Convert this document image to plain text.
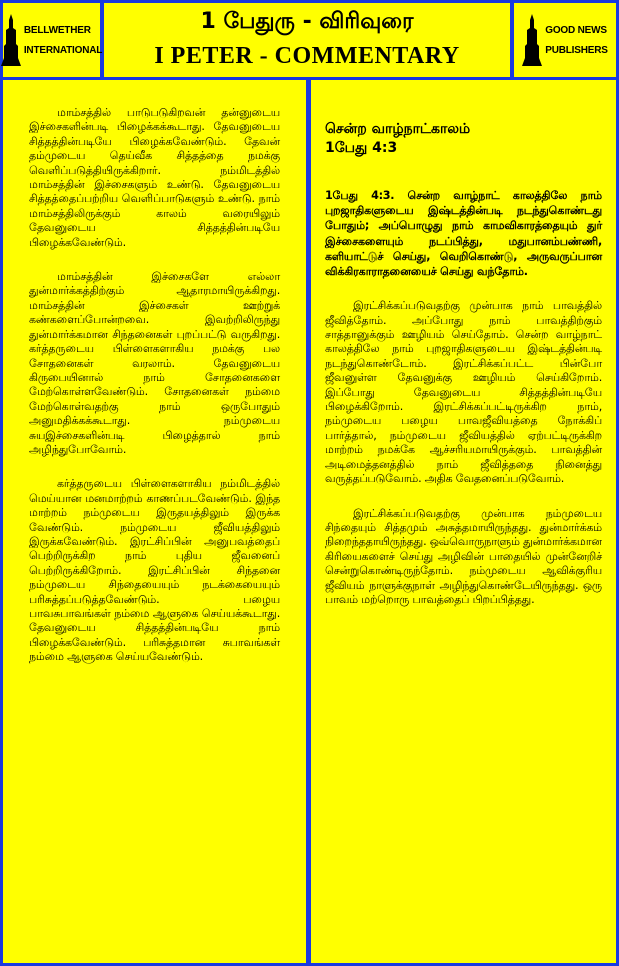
BELLWETHER
INTERNATIONAL
1 பேதுரு - விரிவுரை
I PETER - COMMENTARY
GOOD NEWS
PUBLISHERS

மாம்சத்தில் பாடுபடுகிறவன் தன்னுடைய இச்சைகளின்படி பிழைக்கக்கூடாது. தேவனுடைய சித்தத்தின்படியே பிழைக்கவேண்டும். தேவன் தம்முடைய தெய்வீக சித்தத்தை நமக்கு வெளிப்படுத்தியிருக்கிறார். நம்மிடத்தில் மாம்சத்தின் இச்சைகளும் உண்டு. தேவனுடைய சித்தத்தைப்பற்றிய வெளிப்பாடுகளும் உண்டு. நாம் மாம்சத்திலிருக்கும் காலம் வரையிலும் தேவனுடைய சித்தத்தின்படியே பிழைக்கவேண்டும்.

மாம்சத்தின் இச்சைகளே எல்லா துன்மார்க்கத்திற்கும் ஆதாரமாயிருக்கிறது. மாம்சத்தின் இச்சைகள் ஊற்றுக் கண்களைப்போன்றவை. இவற்றிலிருந்து துன்மார்க்கமான சிந்தனைகள் புறப்பட்டு வருகிறது. கர்த்தருடைய பிள்ளைகளாகிய நமக்கு பல சோதனைகள் வரலாம். தேவனுடைய கிருபையினால் நாம் சோதனைகளை மேற்கொள்ளவேண்டும். சோதனைகள் நம்மை மேற்கொள்வதற்கு நாம் ஒருபோதும் அனுமதிக்கக்கூடாது. நம்முடைய சுயஇச்சைகளின்படி பிழைத்தால் நாம் அழிந்துபோவோம்.

கர்த்தருடைய பிள்ளைகளாகிய நம்மிடத்தில் மெய்யான மனமாற்றம் காணப்படவேண்டும். இந்த மாற்றம் நம்முடைய இருதயத்திலும் இருக்க வேண்டும். நம்முடைய ஜீவியத்திலும் இருக்கவேண்டும். இரட்சிப்பின் அனுபவத்தைப் பெற்றிருக்கிற நாம் புதிய ஜீவனைப் பெற்றிருக்கிறோம். இரட்சிப்பின் சிந்தனை நம்முடைய சிந்தையையும் நடக்கையையும் பரிசுத்தப்படுத்தவேண்டும். பழைய பாவசுபாவங்கள் நம்மை ஆளுகை செய்யக்கூடாது. தேவனுடைய சித்தத்தின்படியே நாம் பிழைக்கவேண்டும். பரிசுத்தமான சுபாவங்கள் நம்மை ஆளுகை செய்யவேண்டும்.

சென்ற வாழ்நாட்காலம்
1பேது 4:3

1பேது 4:3. சென்ற வாழ்நாட் காலத்திலே நாம் புறஜாதிகளுடைய இஷ்டத்தின்படி நடந்துகொண்டது போதும்; அப்பொழுது நாம் காமவிகாரத்தையும் துர் இச்சைகளையும் நடப்பித்து, மதுபானம்பண்ணி, களியாட்டுச் செய்து, வெறிகொண்டு, அருவருப்பான விக்கிரகாராதனையைச் செய்து வந்தோம்.

இரட்சிக்கப்படுவதற்கு முன்பாக நாம் பாவத்தில் ஜீவித்தோம். அப்போது நாம் பாவத்திற்கும் சாத்தானுக்கும் ஊழியம் செய்தோம். சென்ற வாழ்நாட் காலத்திலே நாம் புறஜாதிகளுடைய இஷ்டத்தின்படி நடந்துகொண்டோம். இரட்சிக்கப்பட்ட பின்போ ஜீவனுள்ள தேவனுக்கு ஊழியம் செய்கிறோம். இப்போது தேவனுடைய சித்தத்தின்படியே பிழைக்கிறோம். இரட்சிக்கப்பட்டிருக்கிற நாம், நம்முடைய பழைய பாவஜீவியத்தை நோக்கிப் பார்த்தால், நம்முடைய ஜீவியத்தில் ஏற்பட்டிருக்கிற மாற்றம் நமக்கே ஆச்சரியமாயிருக்கும். பாவத்தின் அடிமைத்தனத்தில் நாம் ஜீவித்ததை நினைத்து வருத்தப்படுவோம். அதிக வேதனைப்படுவோம்.

இரட்சிக்கப்படுவதற்கு முன்பாக நம்முடைய சிந்தையும் சித்தமும் அசுத்தமாயிருந்தது. துன்மார்க்கம் நிறைந்ததாயிருந்தது. ஒவ்வொருநாளும் துன்மார்க்கமான கிரியைகளைச் செய்து அழிவின் பாதையில் முன்னேறிச் சென்றுகொண்டிருந்தோம். நம்முடைய ஆவிக்குரிய ஜீவியம் நாளுக்குநாள் அழிந்துகொண்டேயிருந்தது. ஒரு பாவம் மற்றொரு பாவத்தைப் பிறப்பித்தது.
